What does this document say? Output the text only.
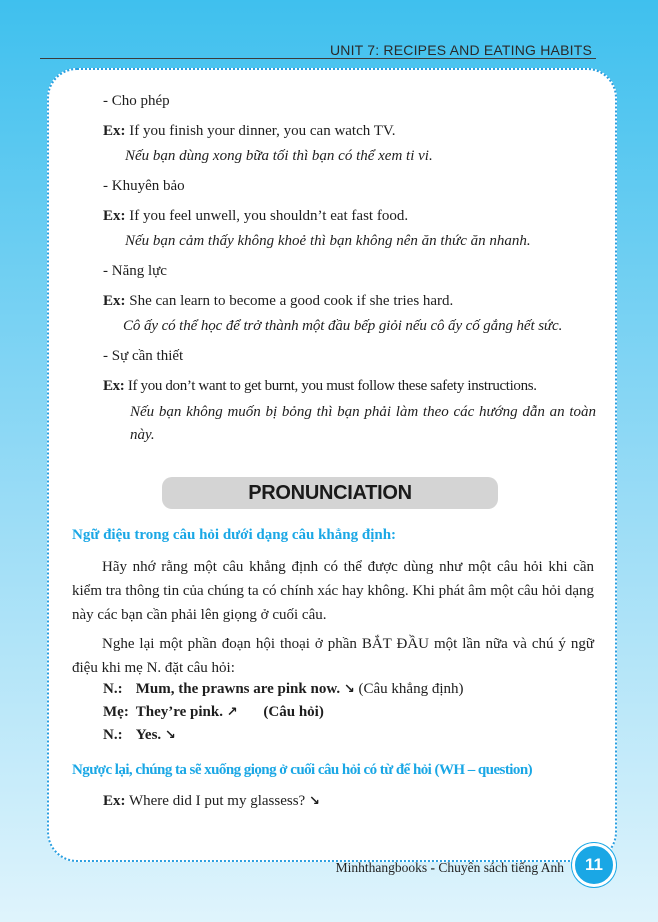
UNIT 7: RECIPES AND EATING HABITS
- Cho phép
Ex: If you finish your dinner, you can watch TV.
Nếu bạn dùng xong bữa tối thì bạn có thể xem ti vi.
- Khuyên bảo
Ex: If you feel unwell, you shouldn’t eat fast food.
Nếu bạn cảm thấy không khoẻ thì bạn không nên ăn thức ăn nhanh.
- Năng lực
Ex: She can learn to become a good cook if she tries hard.
Cô ấy có thể học để trở thành một đầu bếp giỏi nếu cô ấy cố gắng hết sức.
- Sự cần thiết
Ex: If you don’t want to get burnt, you must follow these safety instructions.
Nếu bạn không muốn bị bỏng thì bạn phải làm theo các hướng dẫn an toàn này.
PRONUNCIATION
Ngữ điệu trong câu hỏi dưới dạng câu khẳng định:
Hãy nhớ rằng một câu khẳng định có thể được dùng như một câu hỏi khi cần kiểm tra thông tin của chúng ta có chính xác hay không. Khi phát âm một câu hỏi dạng này các bạn cần phải lên giọng ở cuối câu.
Nghe lại một phần đoạn hội thoại ở phần BẮT ĐẦU một lần nữa và chú ý ngữ điệu khi mẹ N. đặt câu hỏi:
N.: Mum, the prawns are pink now. ↘ (Câu khẳng định)
Mẹ: They’re pink. ↗ (Câu hỏi)
N.: Yes. ↘
Ngược lại, chúng ta sẽ xuống giọng ở cuối câu hỏi có từ để hỏi (WH – question)
Ex: Where did I put my glassess? ↘
Minhthangbooks - Chuyên sách tiếng Anh	11
